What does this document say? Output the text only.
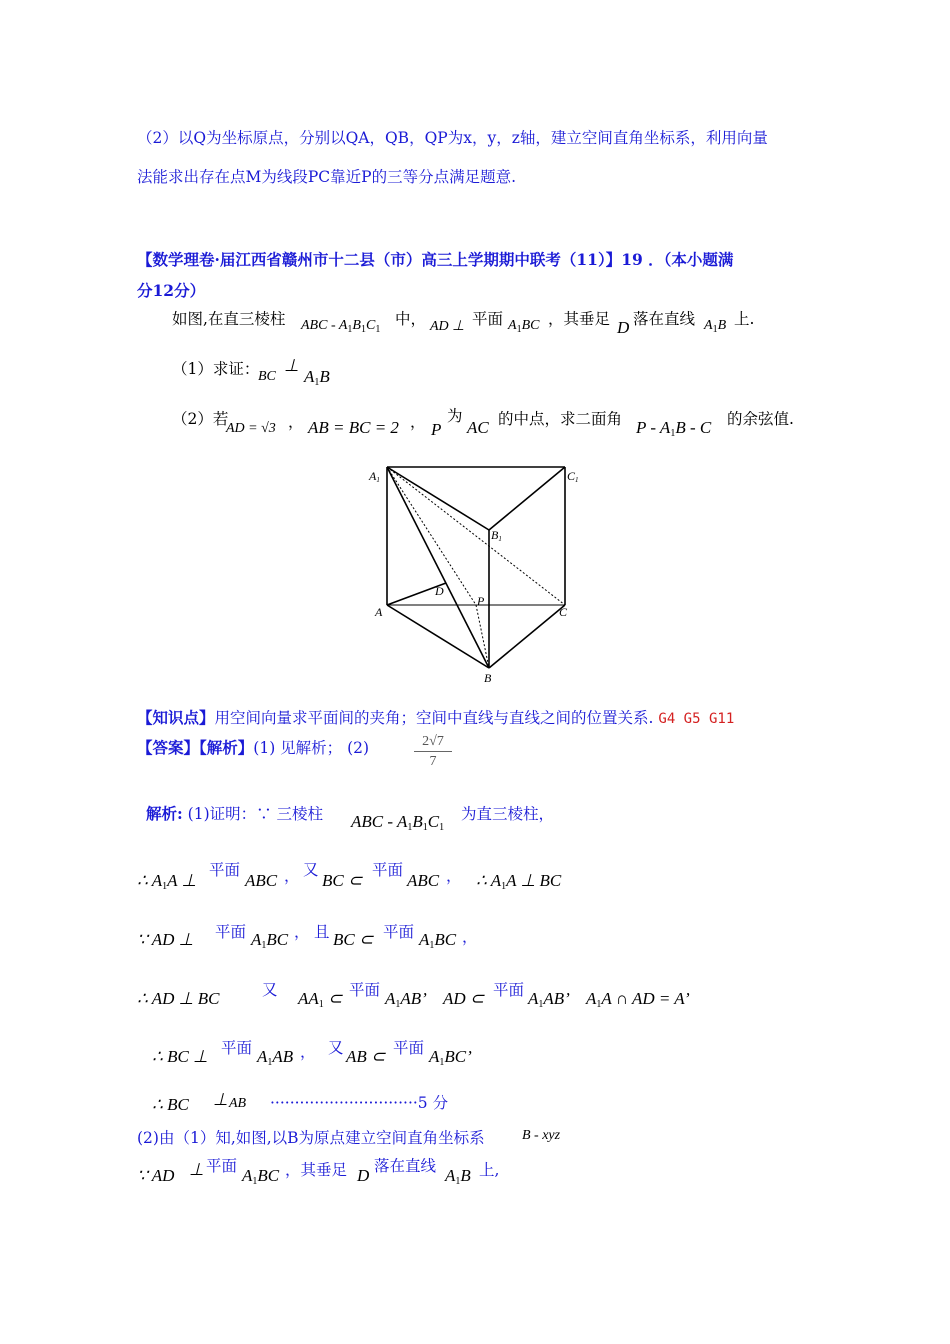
（2）以Q为坐标原点，分别以QA，QB，QP为x，y，z轴，建立空间直角坐标系，利用向量
法能求出存在点M为线段PC靠近P的三等分点满足题意.
【数学理卷·届江西省赣州市十二县（市）高三上学期期中联考（11）】19 ．（本小题满
分12分）
如图,在直三棱柱 ABC - $A_1B_1C_1$
中， AD ⊥ 平面 $A_1BC$ ，其垂足 D 落在直线 $A_1B$ 上.
（1）求证：
BC
⊥
$A_1B$
（2）若
AD = √3 ， AB = BC = 2 ， P
为
AC 的中点，求二面角 P - $A_1B$ - C 的余弦值.
A1	C1
B1
A	C
B
D
P
【知识点】用空间向量求平面间的夹角；空间中直线与直线之间的位置关系. G4 G5 G11
【答案】【解析】(1) 见解析； (2)	$\frac{2√7}{7}$
解析: (1)证明：∵ 三棱柱 ABC - $A_1B_1C_1$
为直三棱柱，
∴ $A_1A$ ⊥
平面
ABC ， 又
BC ⊂
平面
ABC ， ∴ $A_1A$ ⊥ BC
∵ AD ⊥ 平面 $A_1BC$ ， 且 BC ⊂ 平面 $A_1BC$ ，
∴ AD ⊥ BC	又 $AA_1$ ⊂ 平面 $A_1AB$’ AD ⊂ 平面 $A_1AB$’ $A_1A$ ∩ AD = A’
∴ BC ⊥ 平面 $A_1AB$ ， 又 AB ⊂ 平面 $A_1BC$’
∴ BC ⊥ AB ······························5 分
(2)由（1）知,如图,以B为原点建立空间直角坐标系	B - xyz
∵ AD ⊥ 平面 $A_1BC$ ，其垂足 D 落在直线 $A_1B$ 上,
